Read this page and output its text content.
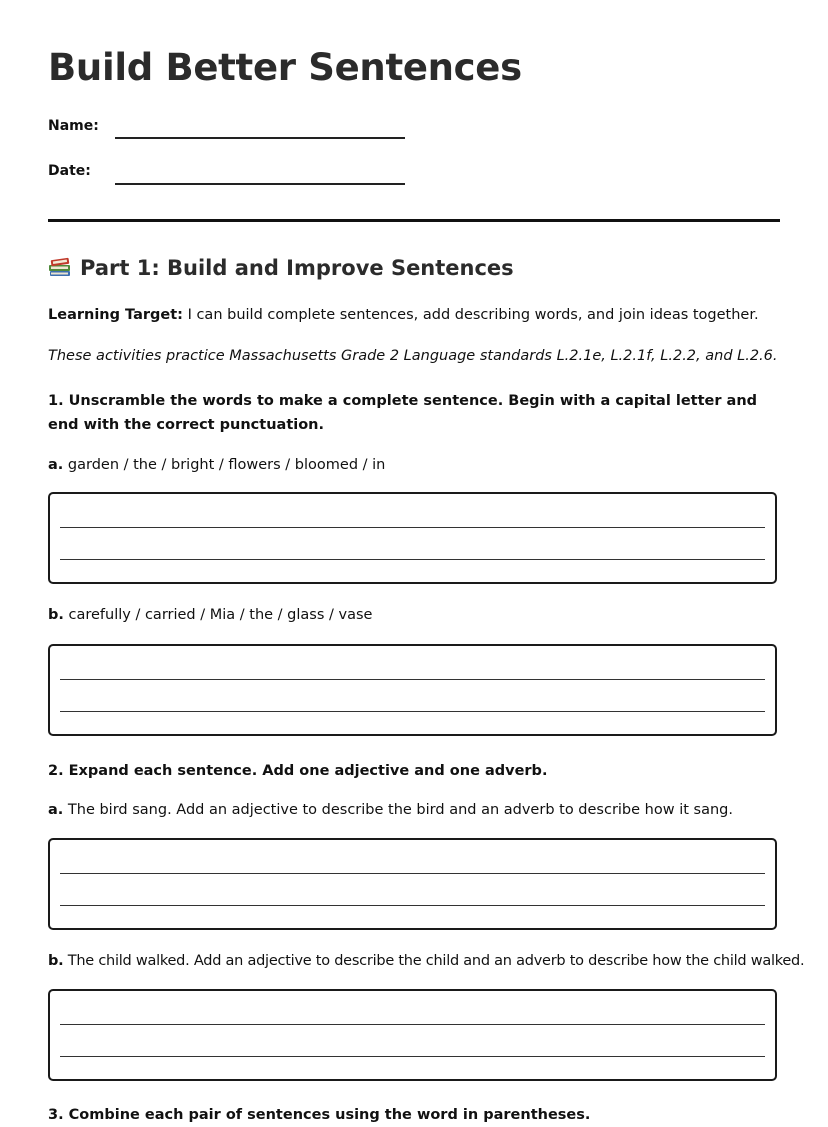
Build Better Sentences
Name:
Date:
Part 1: Build and Improve Sentences
Learning Target: I can build complete sentences, add describing words, and join ideas together.
These activities practice Massachusetts Grade 2 Language standards L.2.1e, L.2.1f, L.2.2, and L.2.6.
1. Unscramble the words to make a complete sentence. Begin with a capital letter and end with the correct punctuation.
a. garden / the / bright / flowers / bloomed / in
b. carefully / carried / Mia / the / glass / vase
2. Expand each sentence. Add one adjective and one adverb.
a. The bird sang. Add an adjective to describe the bird and an adverb to describe how it sang.
b. The child walked. Add an adjective to describe the child and an adverb to describe how the child walked.
3. Combine each pair of sentences using the word in parentheses.
